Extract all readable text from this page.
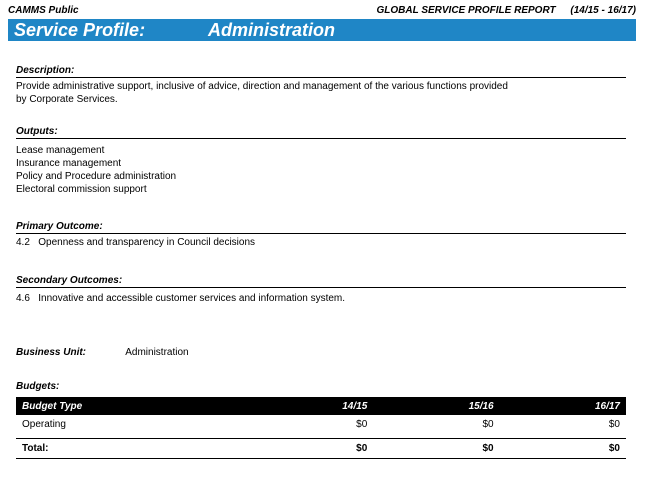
CAMMS Public	GLOBAL SERVICE PROFILE REPORT (14/15 - 16/17)
Service Profile:	Administration
Description:
Provide administrative support, inclusive of advice, direction and management of the various functions provided
by Corporate Services.
Outputs:
Lease management
Insurance management
Policy and Procedure administration
Electoral commission support
Primary Outcome:
4.2   Openness and transparency in Council decisions
Secondary Outcomes:
4.6   Innovative and accessible customer services and information system.
Business Unit:	Administration
Budgets:
Budget Type	14/15	15/16	16/17
Operating	$0	$0	$0

Total:	$0	$0	$0
